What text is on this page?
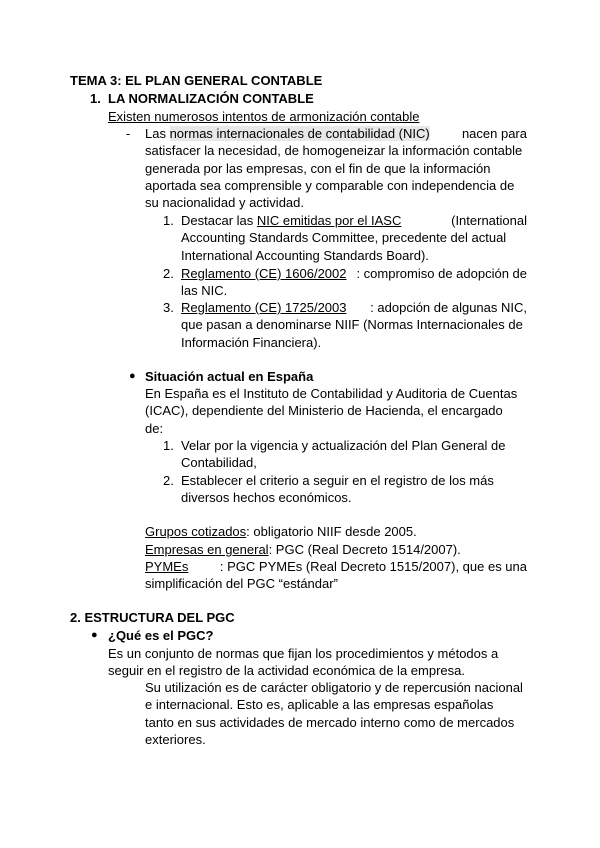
TEMA 3: EL PLAN GENERAL CONTABLE
1. LA NORMALIZACIÓN CONTABLE
Existen numerosos intentos de armonización contable
- Las normas internacionales de contabilidad (NIC) nacen para
satisfacer la necesidad, de homogeneizar la información contable
generada por las empresas, con el fin de que la información
aportada sea comprensible y comparable con independencia de
su nacionalidad y actividad.
1. Destacar las NIC emitidas por el IASC	(International
Accounting Standards Committee, precedente del actual
International Accounting Standards Board).
2. Reglamento (CE) 1606/2002 : compromiso de adopción de
las NIC.
3. Reglamento (CE) 1725/2003 : adopción de algunas NIC,
que pasan a denominarse NIIF (Normas Internacionales de
Información Financiera).
● Situación actual en España
En España es el Instituto de Contabilidad y Auditoria de Cuentas
(ICAC), dependiente del Ministerio de Hacienda, el encargado
de:
1. Velar por la vigencia y actualización del Plan General de
Contabilidad,
2. Establecer el criterio a seguir en el registro de los más
diversos hechos económicos.
Grupos cotizados: obligatorio NIIF desde 2005.
Empresas en general: PGC (Real Decreto 1514/2007).
PYMEs : PGC PYMEs (Real Decreto 1515/2007), que es una
simplificación del PGC “estándar”
2. ESTRUCTURA DEL PGC
● ¿Qué es el PGC?
Es un conjunto de normas que fijan los procedimientos y métodos a
seguir en el registro de la actividad económica de la empresa.
Su utilización es de carácter obligatorio y de repercusión nacional
e internacional. Esto es, aplicable a las empresas españolas
tanto en sus actividades de mercado interno como de mercados
exteriores.
